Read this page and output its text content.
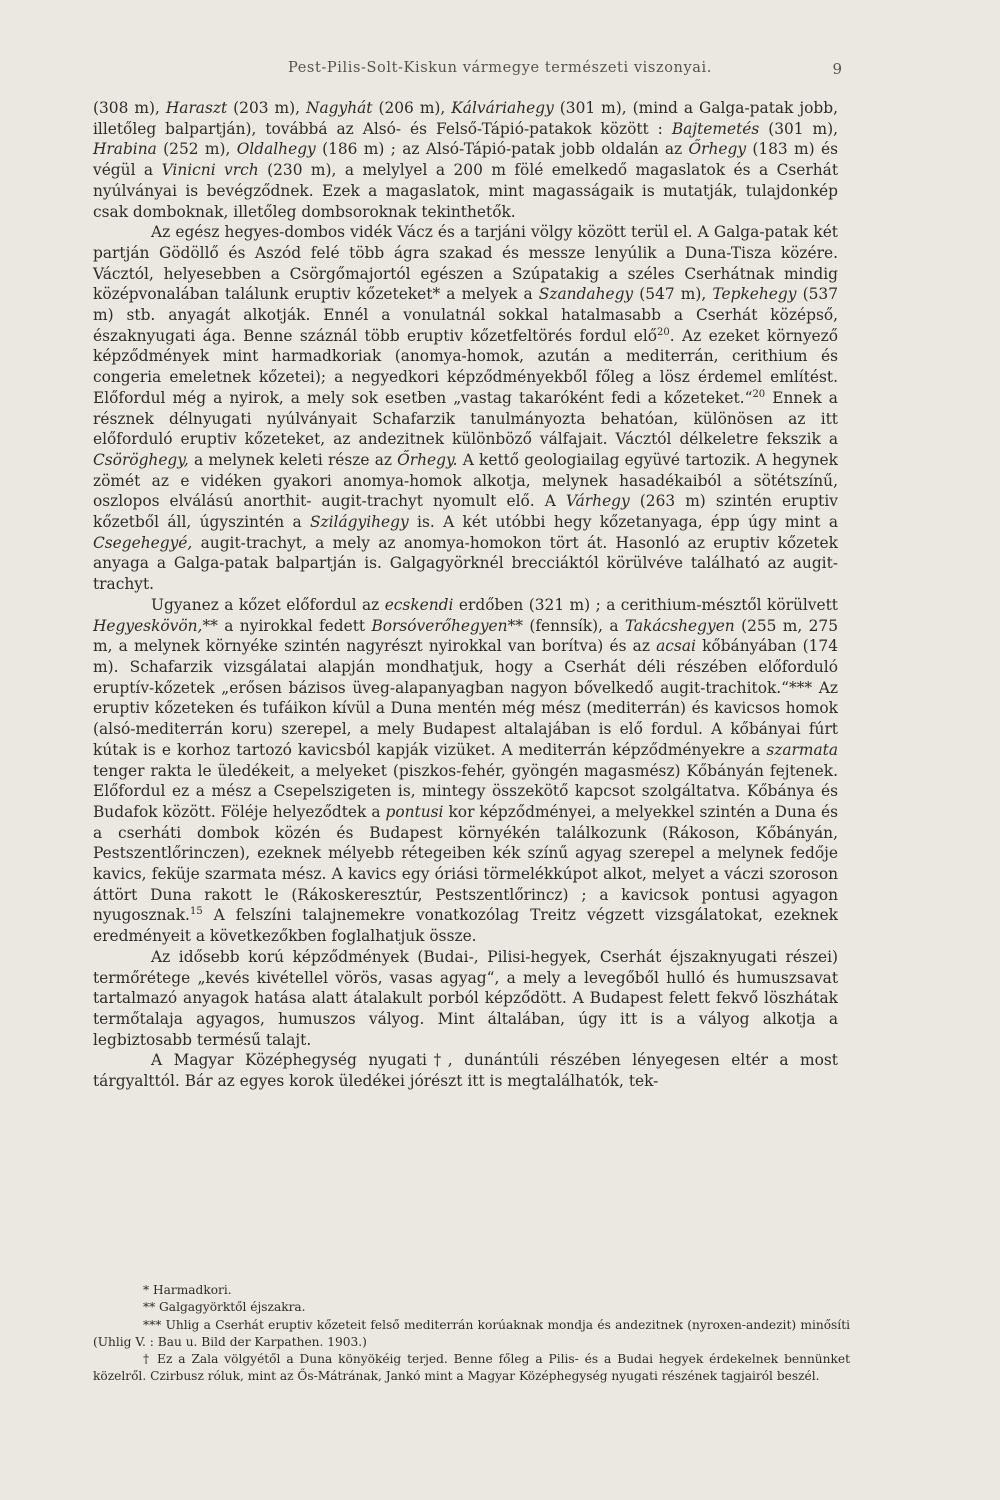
Pest-Pilis-Solt-Kiskun vármegye természeti viszonyai.	9

(308 m), Haraszt (203 m), Nagyhát (206 m), Kálváriahegy (301 m), (mind a Galga-patak jobb, illetőleg balpartján), továbbá az Alsó- és Felső-Tápió-patakok között : Bajtemetés (301 m), Hrabina (252 m), Oldalhegy (186 m) ; az Alsó-Tápió-patak jobb oldalán az Őrhegy (183 m) és végül a Vinicni vrch (230 m), a melylyel a 200 m fölé emelkedő magaslatok és a Cserhát nyúlványai is bevégződnek. Ezek a magaslatok, mint magasságaik is mutatják, tulajdonkép csak domboknak, illetőleg dombsoroknak tekinthetők.

Az egész hegyes-dombos vidék Vácz és a tarjáni völgy között terül el. A Galga-patak két partján Gödöllő és Aszód felé több ágra szakad és messze lenyúlik a Duna-Tisza közére. Vácztól, helyesebben a Csörgőmajortól egészen a Szúpatakig a széles Cserhátnak mindig középvonalában találunk eruptiv kőzeteket* a melyek a Szandahegy (547 m), Tepkehegy (537 m) stb. anyagát alkotják. Ennél a vonulatnál sokkal hatalmasabb a Cserhát középső, északnyugati ága. Benne száznál több eruptiv kőzetfeltörés fordul elő$^{20}$. Az ezeket környező képződmények mint harmadkoriak (anomya-homok, azután a mediterrán, cerithium és congeria emeletnek kőzetei); a negyedkori képződményekből főleg a lösz érdemel említést. Előfordul még a nyirok, a mely sok esetben „vastag takaróként fedi a kőzeteket.“$^{20}$ Ennek a résznek délnyugati nyúlványait Schafarzik tanulmányozta behatóan, különösen az itt előforduló eruptiv kőzeteket, az andezitnek különböző válfajait. Vácztól délkeletre fekszik a Csöröghegy, a melynek keleti része az Őrhegy. A kettő geologiailag együvé tartozik. A hegynek zömét az e vidéken gyakori anomya-homok alkotja, melynek hasadékaiból a sötétszínű, oszlopos elválású anorthit- augit-trachyt nyomult elő. A Várhegy (263 m) szintén eruptiv kőzetből áll, úgyszintén a Szilágyihegy is. A két utóbbi hegy kőzetanyaga, épp úgy mint a Csegehegyé, augit-trachyt, a mely az anomya-homokon tört át. Hasonló az eruptiv kőzetek anyaga a Galga-patak balpartján is. Galgagyörknél brecciáktól körülvéve található az augit-trachyt.

Ugyanez a kőzet előfordul az ecskendi erdőben (321 m) ; a cerithium-mésztől körülvett Hegyeskövön,** a nyirokkal fedett Borsóverőhegyen** (fennsík), a Takácshegyen (255 m, 275 m, a melynek környéke szintén nagyrészt nyirokkal van borítva) és az acsai kőbányában (174 m). Schafarzik vizsgálatai alapján mondhatjuk, hogy a Cserhát déli részében előforduló eruptív-kőzetek „erősen bázisos üveg-alapanyagban nagyon bővelkedő augit-trachitok.“*** Az eruptiv kőzeteken és tufáikon kívül a Duna mentén még mész (mediterrán) és kavicsos homok (alsó-mediterrán koru) szerepel, a mely Budapest altalajában is elő fordul. A kőbányai fúrt kútak is e korhoz tartozó kavicsból kapják vizüket. A mediterrán képződményekre a szarmata tenger rakta le üledékeit, a melyeket (piszkos-fehér, gyöngén magasmész) Kőbányán fejtenek. Előfordul ez a mész a Csepelszigeten is, mintegy összekötő kapcsot szolgáltatva. Kőbánya és Budafok között. Föléje helyeződtek a pontusi kor képződményei, a melyekkel szintén a Duna és a cserháti dombok közén és Budapest környékén találkozunk (Rákoson, Kőbányán, Pestszentlőrinczen), ezeknek mélyebb rétegeiben kék színű agyag szerepel a melynek fedője kavics, feküje szarmata mész. A kavics egy óriási törmelékkúpot alkot, melyet a váczi szoroson áttört Duna rakott le (Rákoskeresztúr, Pestszentlőrincz) ; a kavicsok pontusi agyagon nyugosznak.$^{15}$ A felszíni talajnemekre vonatkozólag Treitz végzett vizsgálatokat, ezeknek eredményeit a következőkben foglalhatjuk össze.

Az idősebb korú képződmények (Budai-, Pilisi-hegyek, Cserhát éjszaknyugati részei) termőrétege „kevés kivétellel vörös, vasas agyag“, a mely a levegőből hulló és humuszsavat tartalmazó anyagok hatása alatt átalakult porból képződött. A Budapest felett fekvő löszhátak termőtalaja agyagos, humuszos vályog. Mint általában, úgy itt is a vályog alkotja a legbiztosabb termésű talajt.

A Magyar Középhegység nyugati†, dunántúli részében lényegesen eltér a most tárgyalttól. Bár az egyes korok üledékei jórészt itt is megtalálhatók, tek-

* Harmadkori.

** Galgagyörktől éjszakra.

*** Uhlig a Cserhát eruptiv kőzeteit felső mediterrán korúaknak mondja és andezitnek (nyroxen-andezit) minősíti (Uhlig V. : Bau u. Bild der Karpathen. 1903.)

† Ez a Zala völgyétől a Duna könyökéig terjed. Benne főleg a Pilis- és a Budai hegyek érdekelnek bennünket közelről. Czirbusz róluk, mint az Ős-Mátrának, Jankó mint a Magyar Középhegység nyugati részének tagjairól beszél.
